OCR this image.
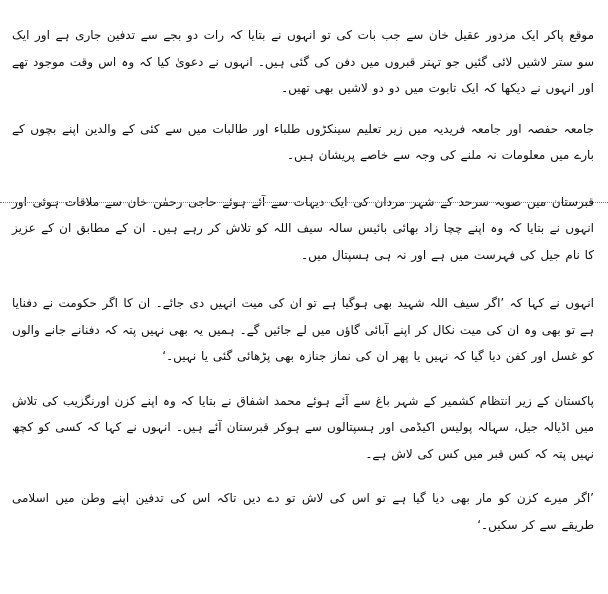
موقع پاکر ایک مزدور عقیل خان سے جب بات کی تو انہوں نے بتایا کہ رات دو بجے سے تدفین جاری ہے اور ایک سو ستر لاشیں لائی گئیں جو تہتر قبروں میں دفن کی گئی ہیں۔ انہوں نے دعویٰ کیا کہ وہ اس وقت موجود تھے اور انہوں نے دیکھا کہ ایک تابوت میں دو دو لاشیں بھی تھیں۔

جامعہ حفصہ اور جامعہ فریدیہ میں زیر تعلیم سینکڑوں طلباء اور طالبات میں سے کئی کے والدین اپنے بچوں کے بارے میں معلومات نہ ملنے کی وجہ سے خاصے پریشان ہیں۔

قبرستان میں صوبہ سرحد کے شہر مردان کی ایک دیہات سے آئے ہوئے حاجی رحمٰن خان سے ملاقات ہوئی اور انہوں نے بتایا کہ وہ اپنے چچا زاد بھائی بائیس سالہ سیف اللہ کو تلاش کر رہے ہیں۔ ان کے مطابق ان کے عزیز کا نام جیل کی فہرست میں ہے اور نہ ہی ہسپتال میں۔

انہوں نے کہا کہ ’اگر سیف اللہ شہید بھی ہوگیا ہے تو ان کی میت انہیں دی جائے۔ ان کا اگر حکومت نے دفنایا ہے تو بھی وہ ان کی میت نکال کر اپنے آبائی گاؤں میں لے جائیں گے۔ ہمیں یہ بھی نہیں پتہ کہ دفنانے جانے والوں کو غسل اور کفن دیا گیا کہ نہیں یا پھر ان کی نماز جنازہ بھی پڑھائی گئی یا نہیں۔‘

پاکستان کے زیر انتظام کشمیر کے شہر باغ سے آئے ہوئے محمد اشفاق نے بتایا کہ وہ اپنے کزن اورنگزیب کی تلاش میں اڈیالہ جیل، سہالہ پولیس اکیڈمی اور ہسپتالوں سے ہوکر قبرستان آئے ہیں۔ انہوں نے کہا کہ کسی کو کچھ نہیں پتہ کہ کس قبر میں کس کی لاش ہے۔

’اگر میرے کزن کو مار بھی دیا گیا ہے تو اس کی لاش تو دے دیں تاکہ اس کی تدفین اپنے وطن میں اسلامی طریقے سے کر سکیں۔‘
